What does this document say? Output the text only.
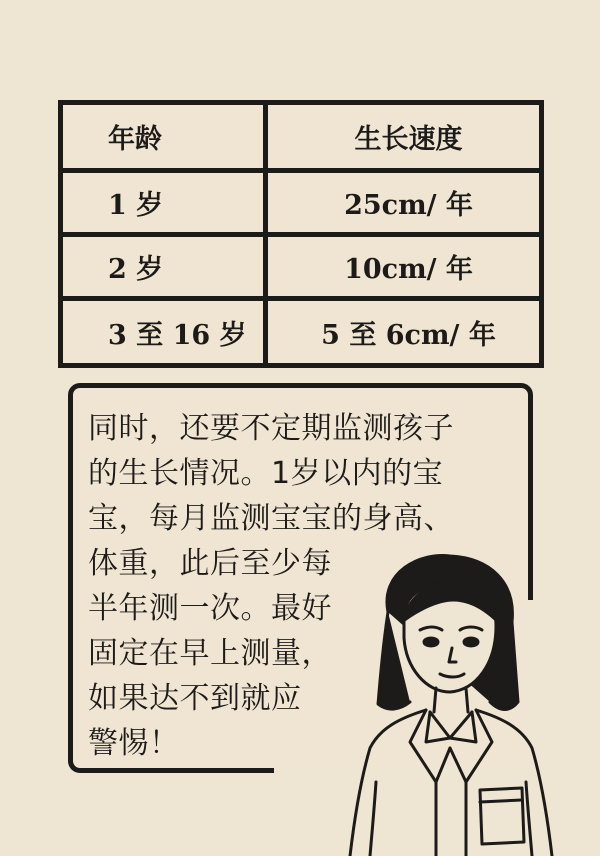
年龄	生长速度
1 岁	25cm/ 年
2 岁	10cm/ 年
3 至 16 岁	5 至 6cm/ 年
同时，还要不定期监测孩子
的生长情况。1岁以内的宝
宝，每月监测宝宝的身高、
体重，此后至少每
半年测一次。最好
固定在早上测量，
如果达不到就应
警惕！
